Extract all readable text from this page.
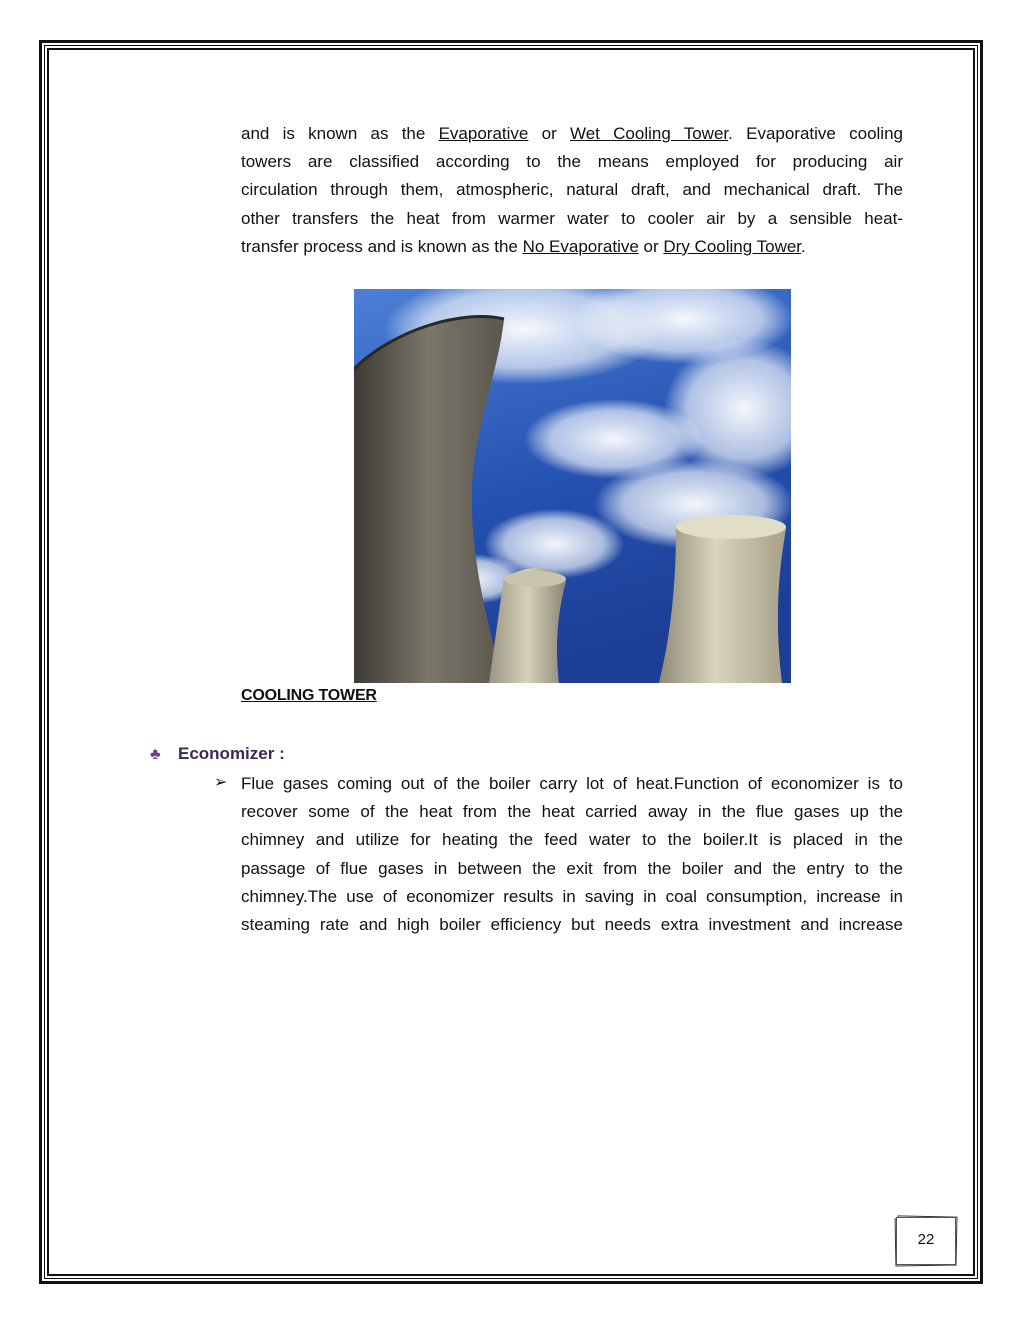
and is known as the Evaporative or Wet Cooling Tower. Evaporative cooling
towers are classified according to the means employed for producing air
circulation through them, atmospheric, natural draft, and mechanical draft. The
other transfers the heat from warmer water to cooler air by a sensible heat-
transfer process and is known as the No Evaporative or Dry Cooling Tower.
COOLING TOWER
♣ Economizer :
➢ Flue gases coming out of the boiler carry lot of heat.Function of economizer is to
recover some of the heat from the heat carried away in the flue gases up the
chimney and utilize for heating the feed water to the boiler.It is placed in the
passage of flue gases in between the exit from the boiler and the entry to the
chimney.The use of economizer results in saving in coal consumption, increase in
steaming rate and high boiler efficiency but needs extra investment and increase
22
